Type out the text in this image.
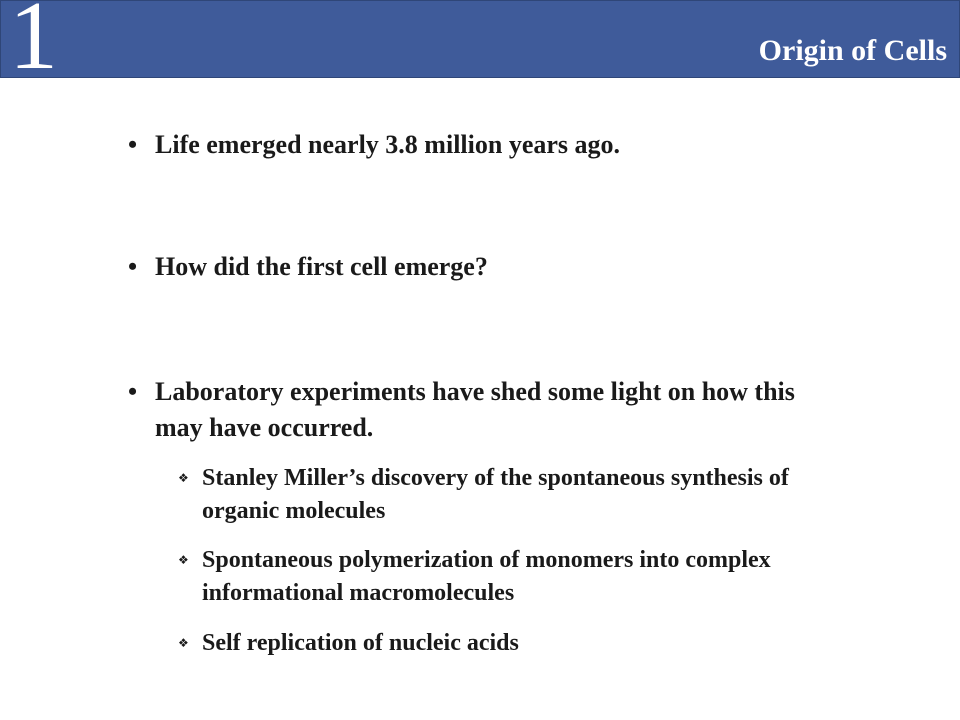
1	Origin of Cells
• Life emerged nearly 3.8 million years ago.
• How did the first cell emerge?
• Laboratory experiments have shed some light on how this may have occurred.
❖ Stanley Miller’s discovery of the spontaneous synthesis of organic molecules
❖ Spontaneous polymerization of monomers into complex informational macromolecules
❖ Self replication of nucleic acids
